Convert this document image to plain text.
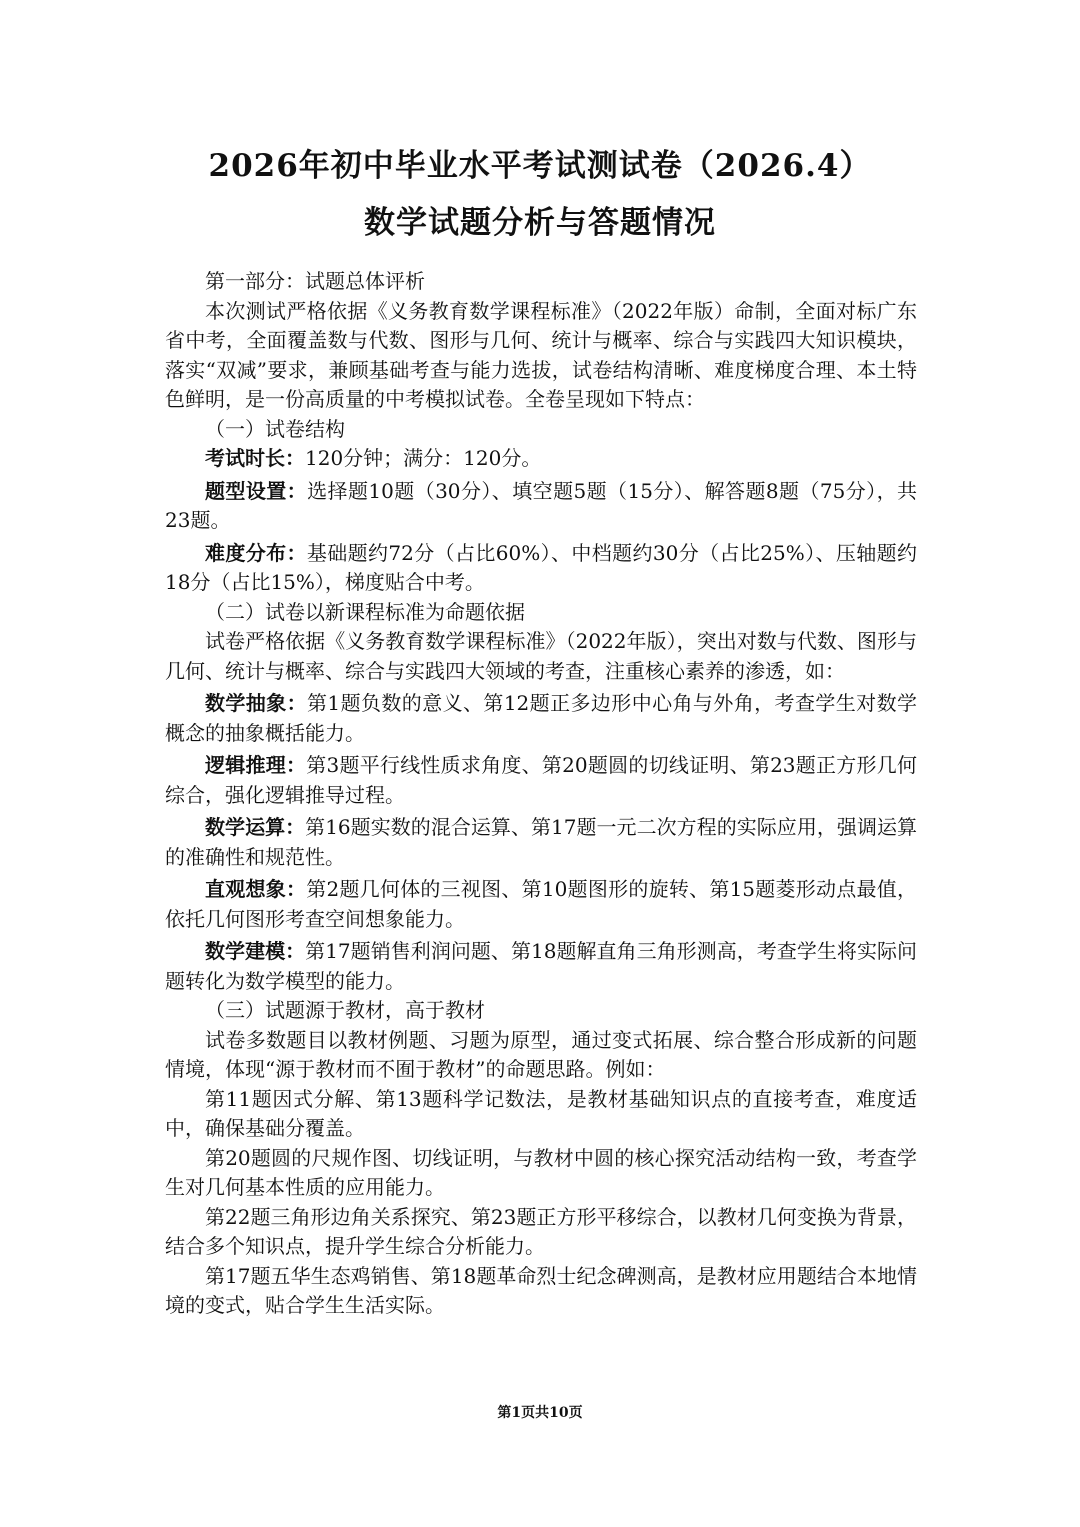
2026年初中毕业水平考试测试卷（2026.4）
数学试题分析与答题情况

第一部分：试题总体评析

本次测试严格依据《义务教育数学课程标准》（2022年版）命制，全面对标广东省中考，全面覆盖数与代数、图形与几何、统计与概率、综合与实践四大知识模块，落实“双减”要求，兼顾基础考查与能力选拔，试卷结构清晰、难度梯度合理、本土特色鲜明，是一份高质量的中考模拟试卷。全卷呈现如下特点：

（一）试卷结构

考试时长：120分钟；满分：120分。

题型设置：选择题10题（30分）、填空题5题（15分）、解答题8题（75分），共23题。

难度分布：基础题约72分（占比60%）、中档题约30分（占比25%）、压轴题约18分（占比15%），梯度贴合中考。

（二）试卷以新课程标准为命题依据

试卷严格依据《义务教育数学课程标准》（2022年版），突出对数与代数、图形与几何、统计与概率、综合与实践四大领域的考查，注重核心素养的渗透，如：

数学抽象：第1题负数的意义、第12题正多边形中心角与外角，考查学生对数学概念的抽象概括能力。

逻辑推理：第3题平行线性质求角度、第20题圆的切线证明、第23题正方形几何综合，强化逻辑推导过程。

数学运算：第16题实数的混合运算、第17题一元二次方程的实际应用，强调运算的准确性和规范性。

直观想象：第2题几何体的三视图、第10题图形的旋转、第15题菱形动点最值，依托几何图形考查空间想象能力。

数学建模：第17题销售利润问题、第18题解直角三角形测高，考查学生将实际问题转化为数学模型的能力。

（三）试题源于教材，高于教材

试卷多数题目以教材例题、习题为原型，通过变式拓展、综合整合形成新的问题情境，体现“源于教材而不囿于教材”的命题思路。例如：

第11题因式分解、第13题科学记数法，是教材基础知识点的直接考查，难度适中，确保基础分覆盖。

第20题圆的尺规作图、切线证明，与教材中圆的核心探究活动结构一致，考查学生对几何基本性质的应用能力。

第22题三角形边角关系探究、第23题正方形平移综合，以教材几何变换为背景，结合多个知识点，提升学生综合分析能力。

第17题五华生态鸡销售、第18题革命烈士纪念碑测高，是教材应用题结合本地情境的变式，贴合学生生活实际。

第1页共10页
